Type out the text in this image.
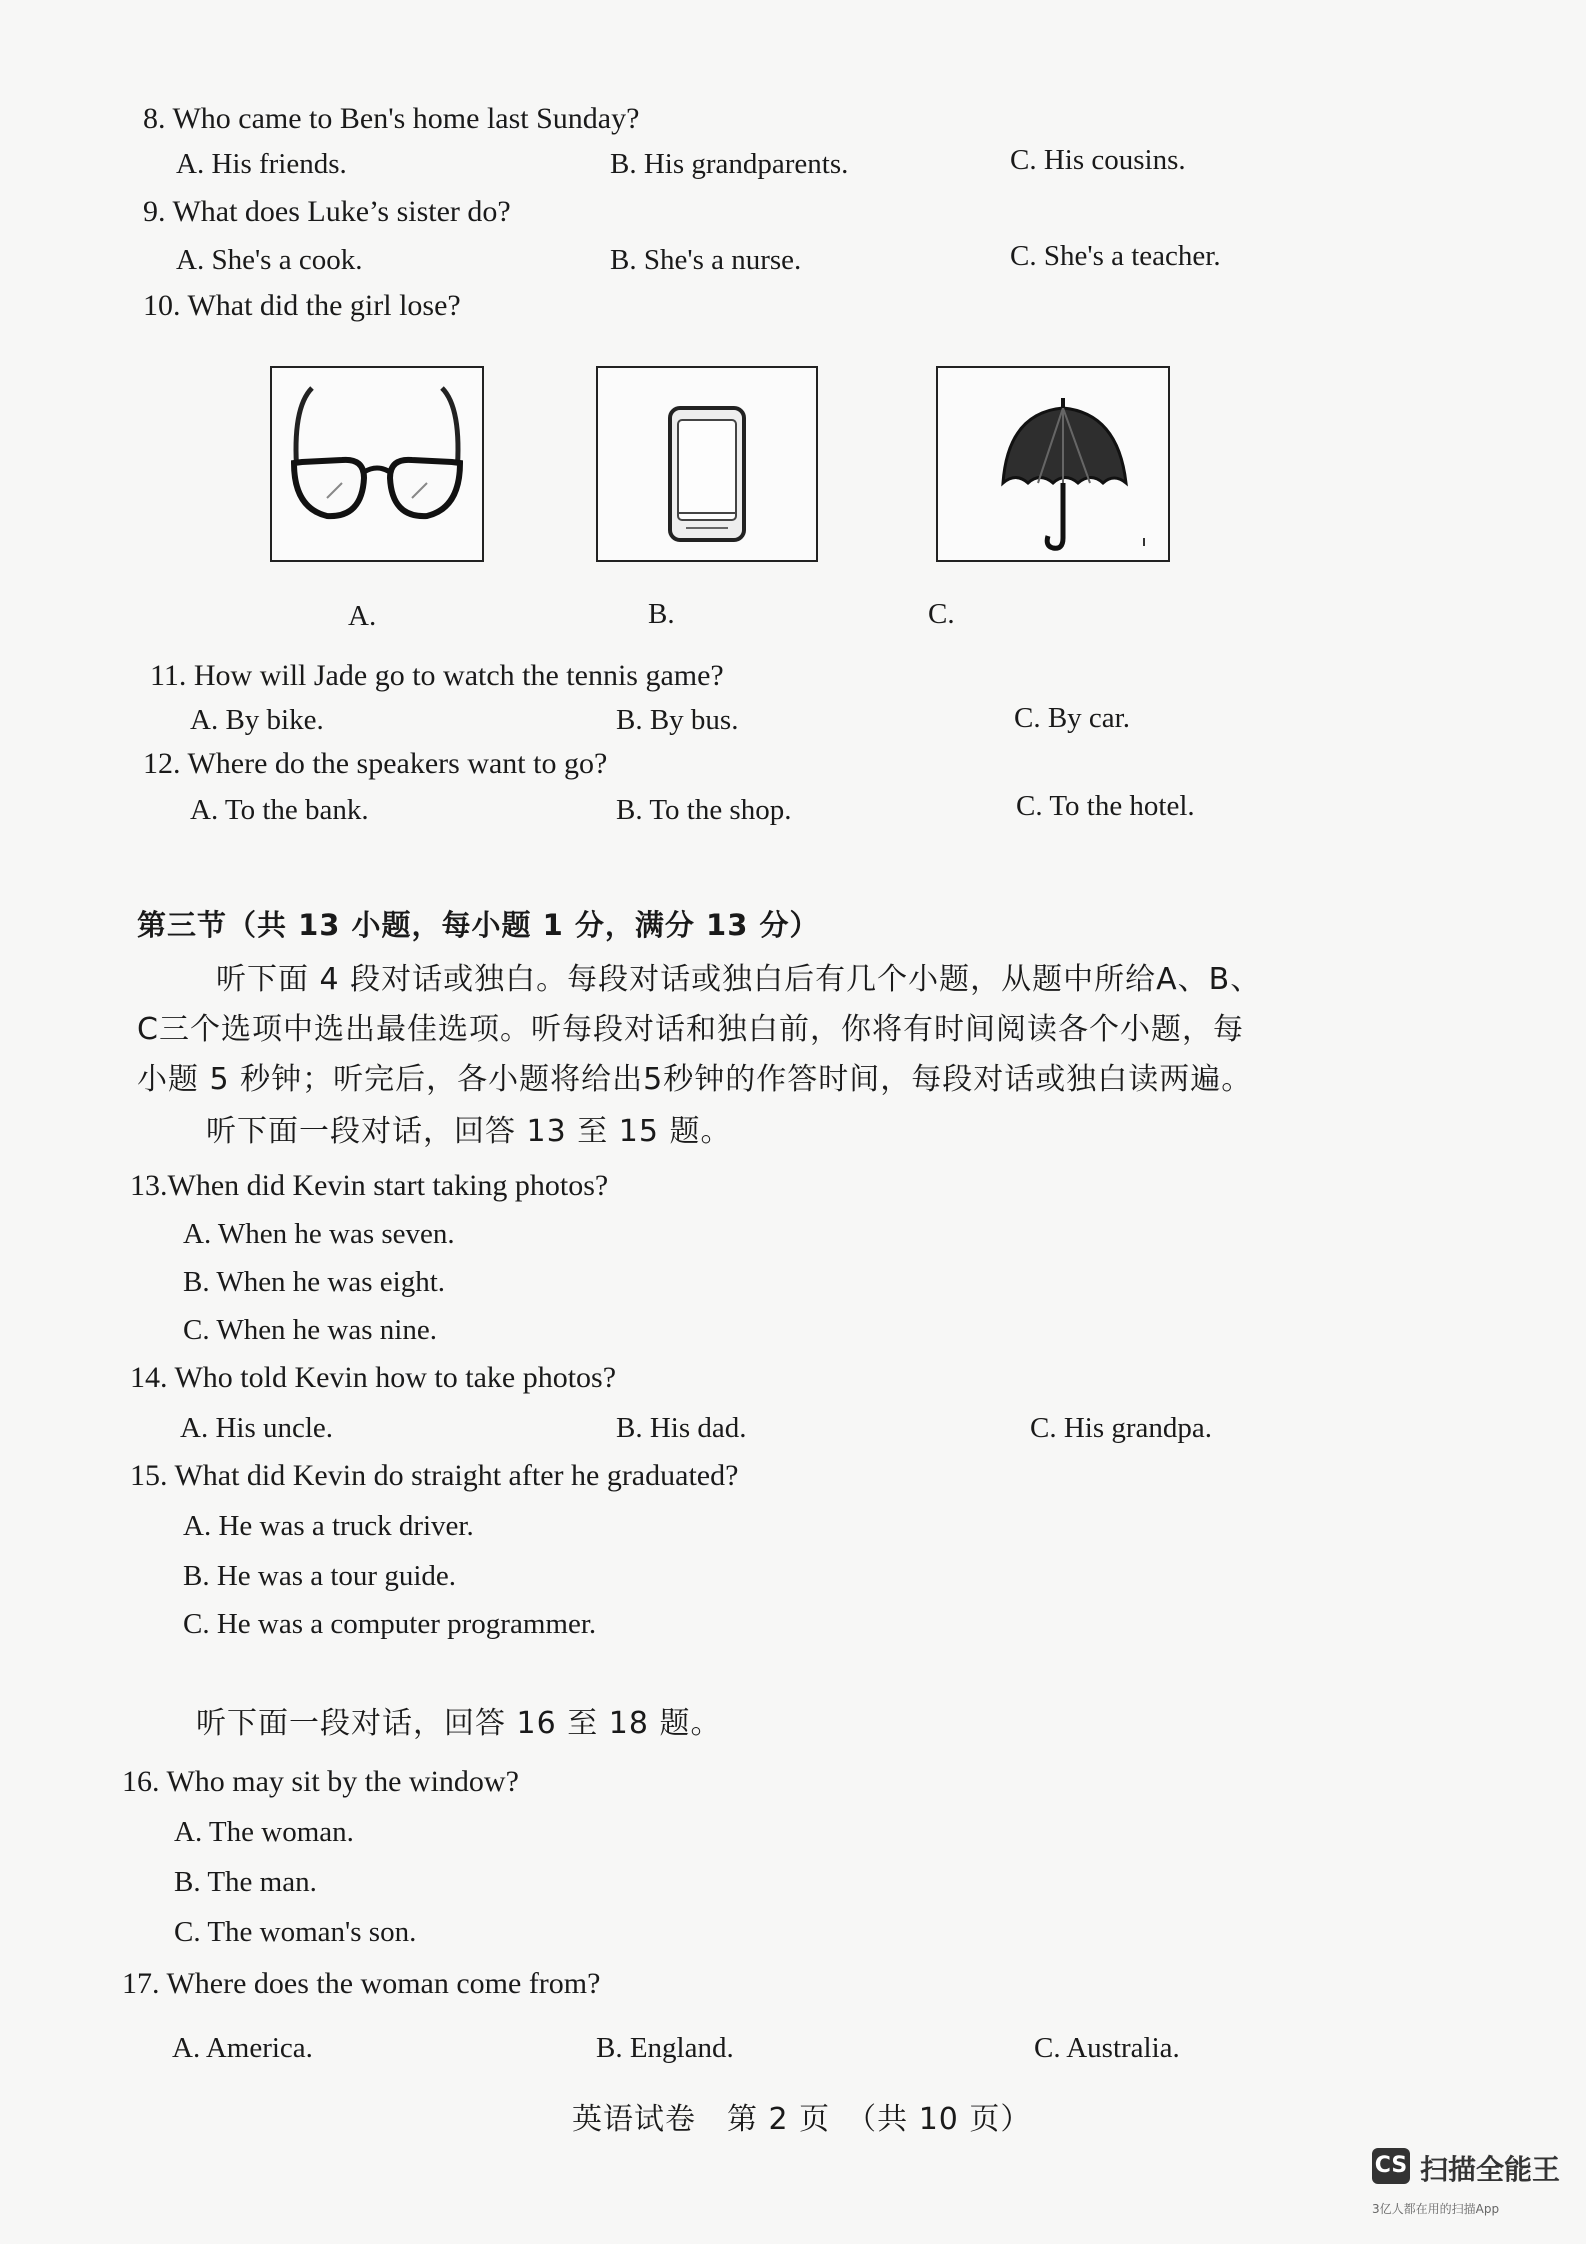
8. Who came to Ben's home last Sunday?
A. His friends.	B. His grandparents.	C. His cousins.
9. What does Luke’s sister do?
A. She's a cook.	B. She's a nurse.	C. She's a teacher.
10. What did the girl lose?
A.	B.	C.
11. How will Jade go to watch the tennis game?
A. By bike.	B. By bus.	C. By car.
12. Where do the speakers want to go?
A. To the bank.	B. To the shop.	C. To the hotel.
第三节（共 13 小题，每小题 1 分，满分 13 分）
听下面 4 段对话或独白。每段对话或独白后有几个小题，从题中所给A、B、
C三个选项中选出最佳选项。听每段对话和独白前，你将有时间阅读各个小题，每
小题 5 秒钟；听完后，各小题将给出5秒钟的作答时间，每段对话或独白读两遍。
听下面一段对话，回答 13 至 15 题。
13.When did Kevin start taking photos?
A. When he was seven.
B. When he was eight.
C. When he was nine.
14. Who told Kevin how to take photos?
A. His uncle.	B. His dad.	C. His grandpa.
15. What did Kevin do straight after he graduated?
A. He was a truck driver.
B. He was a tour guide.
C. He was a computer programmer.
听下面一段对话，回答 16 至 18 题。
16. Who may sit by the window?
A. The woman.
B. The man.
C. The woman's son.
17. Where does the woman come from?
A. America.	B. England.	C. Australia.
英语试卷　第 2 页　（共 10 页）
CS 扫描全能王
3亿人都在用的扫描App
